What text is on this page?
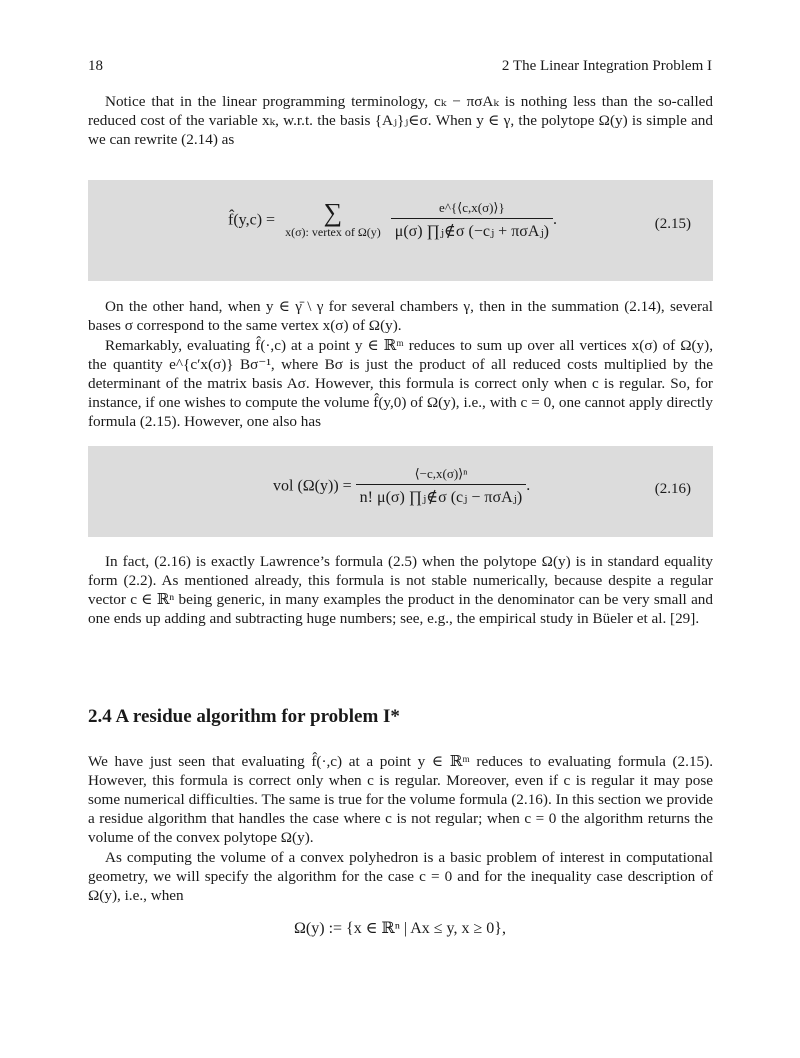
18	2 The Linear Integration Problem I

Notice that in the linear programming terminology, cₖ − πσAₖ is nothing less than the so-called reduced cost of the variable xₖ, w.r.t. the basis {Aⱼ}ⱼ∈σ. When y ∈ γ, the polytope Ω(y) is simple and we can rewrite (2.14) as

f̂(y,c) =	∑
x(σ): vertex of Ω(y)
$\frac{e\^{}\{⟨c,x(\sigma)⟩\}}{\text{μ(σ) ∏ⱼ∉σ (−cⱼ + πσAⱼ)}}$ .	(2.15)

On the other hand, when y ∈ γ̄ \ γ for several chambers γ, then in the summation (2.14), several bases σ correspond to the same vertex x(σ) of Ω(y).

Remarkably, evaluating f̂(·,c) at a point y ∈ ℝᵐ reduces to sum up over all vertices x(σ) of Ω(y), the quantity e^{c′x(σ)} Bσ⁻¹, where Bσ is just the product of all reduced costs multiplied by the determinant of the matrix basis Aσ. However, this formula is correct only when c is regular. So, for instance, if one wishes to compute the volume f̂(y,0) of Ω(y), i.e., with c = 0, one cannot apply directly formula (2.15). However, one also has

vol $(\Omega(y)) = \frac{\text{⟨−c,x(σ)⟩ⁿ}}{\text{n! μ(σ) ∏ⱼ∉σ (cⱼ − πσAⱼ)}}$ .	(2.16)

In fact, (2.16) is exactly Lawrence’s formula (2.5) when the polytope Ω(y) is in standard equality form (2.2). As mentioned already, this formula is not stable numerically, because despite a regular vector c ∈ ℝⁿ being generic, in many examples the product in the denominator can be very small and one ends up adding and subtracting huge numbers; see, e.g., the empirical study in Büeler et al. [29].

2.4 A residue algorithm for problem I*

We have just seen that evaluating f̂(·,c) at a point y ∈ ℝᵐ reduces to evaluating formula (2.15). However, this formula is correct only when c is regular. Moreover, even if c is regular it may pose some numerical difficulties. The same is true for the volume formula (2.16). In this section we provide a residue algorithm that handles the case where c is not regular; when c = 0 the algorithm returns the volume of the convex polytope Ω(y).

As computing the volume of a convex polyhedron is a basic problem of interest in computational geometry, we will specify the algorithm for the case c = 0 and for the inequality case description of Ω(y), i.e., when

Ω(y) := {x ∈ ℝⁿ | Ax ≤ y, x ≥ 0},
